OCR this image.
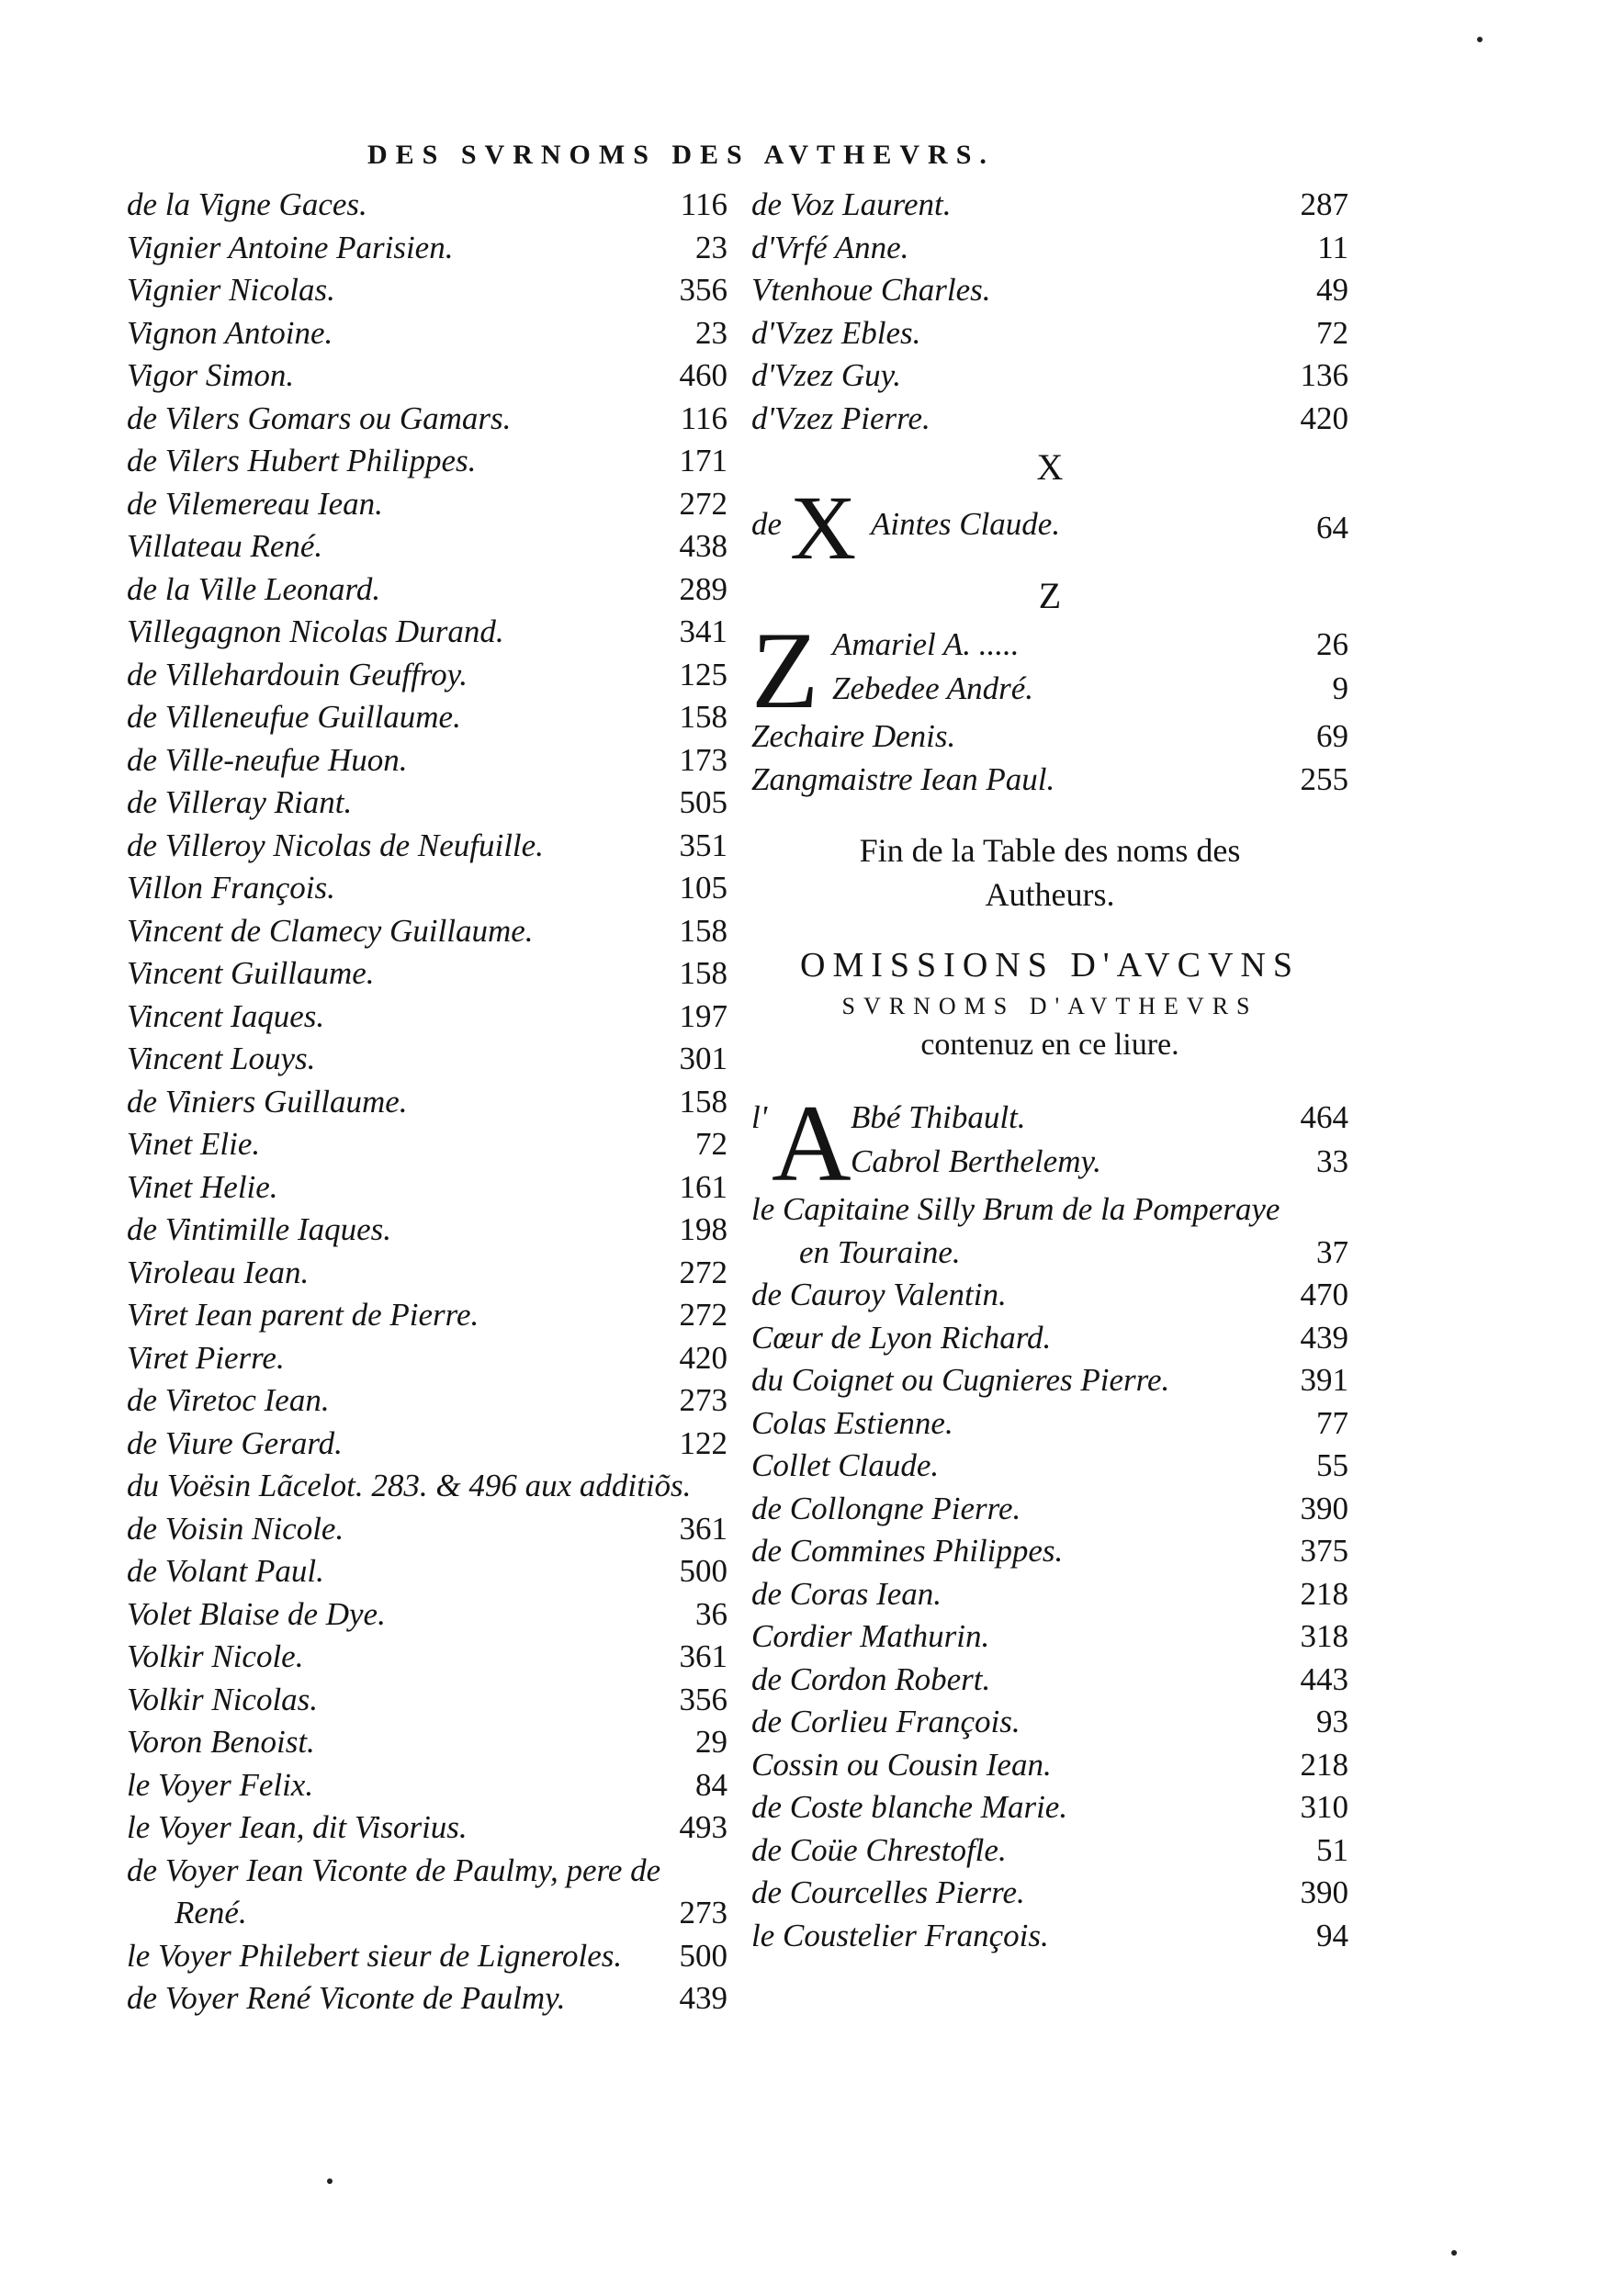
DES SVRNOMS DES AVTHEVRS.
de la Vigne Gaces.	116
Vignier Antoine Parisien.	23
Vignier Nicolas.	356
Vignon Antoine.	23
Vigor Simon.	460
de Vilers Gomars ou Gamars.	116
de Vilers Hubert Philippes.	171
de Vilemereau Iean.	272
Villateau René.	438
de la Ville Leonard.	289
Villegagnon Nicolas Durand.	341
de Villehardouin Geuffroy.	125
de Villeneufue Guillaume.	158
de Ville-neufue Huon.	173
de Villeray Riant.	505
de Villeroy Nicolas de Neufuille.	351
Villon François.	105
Vincent de Clamecy Guillaume.	158
Vincent Guillaume.	158
Vincent Iaques.	197
Vincent Louys.	301
de Viniers Guillaume.	158
Vinet Elie.	72
Vinet Helie.	161
de Vintimille Iaques.	198
Viroleau Iean.	272
Viret Iean parent de Pierre.	272
Viret Pierre.	420
de Viretoc Iean.	273
de Viure Gerard.	122
du Voësin Lãcelot. 283. & 496 aux additiõs.
de Voisin Nicole.	361
de Volant Paul.	500
Volet Blaise de Dye.	36
Volkir Nicole.	361
Volkir Nicolas.	356
Voron Benoist.	29
le Voyer Felix.	84
le Voyer Iean, dit Visorius.	493
de Voyer Iean Viconte de Paulmy, pere de
René.	273
le Voyer Philebert sieur de Ligneroles. 500
de Voyer René Viconte de Paulmy.	439
de Voz Laurent.	287
d'Vrfé Anne.	11
Vtenhoue Charles.	49
d'Vzez Ebles.	72
d'Vzez Guy.	136
d'Vzez Pierre.	420
X
de X Aintes Claude.	64
Z
Z Amariel A. .....	26
Zebedee André.	9
Zechaire Denis.	69
Zangmaistre Iean Paul.	255
Fin de la Table des noms des
Autheurs.
OMISSIONS D'AVCVNS
SVRNOMS D'AVTHEVRS
contenuz en ce liure.
l' A Bbé Thibault.	464
Cabrol Berthelemy.	33
le Capitaine Silly Brum de la Pomperaye
en Touraine.	37
de Cauroy Valentin.	470
Cœur de Lyon Richard.	439
du Coignet ou Cugnieres Pierre.	391
Colas Estienne.	77
Collet Claude.	55
de Collongne Pierre.	390
de Commines Philippes.	375
de Coras Iean.	218
Cordier Mathurin.	318
de Cordon Robert.	443
de Corlieu François.	93
Cossin ou Cousin Iean.	218
de Coste blanche Marie.	310
de Coüe Chrestofle.	51
de Courcelles Pierre.	390
le Coustelier François.	94
